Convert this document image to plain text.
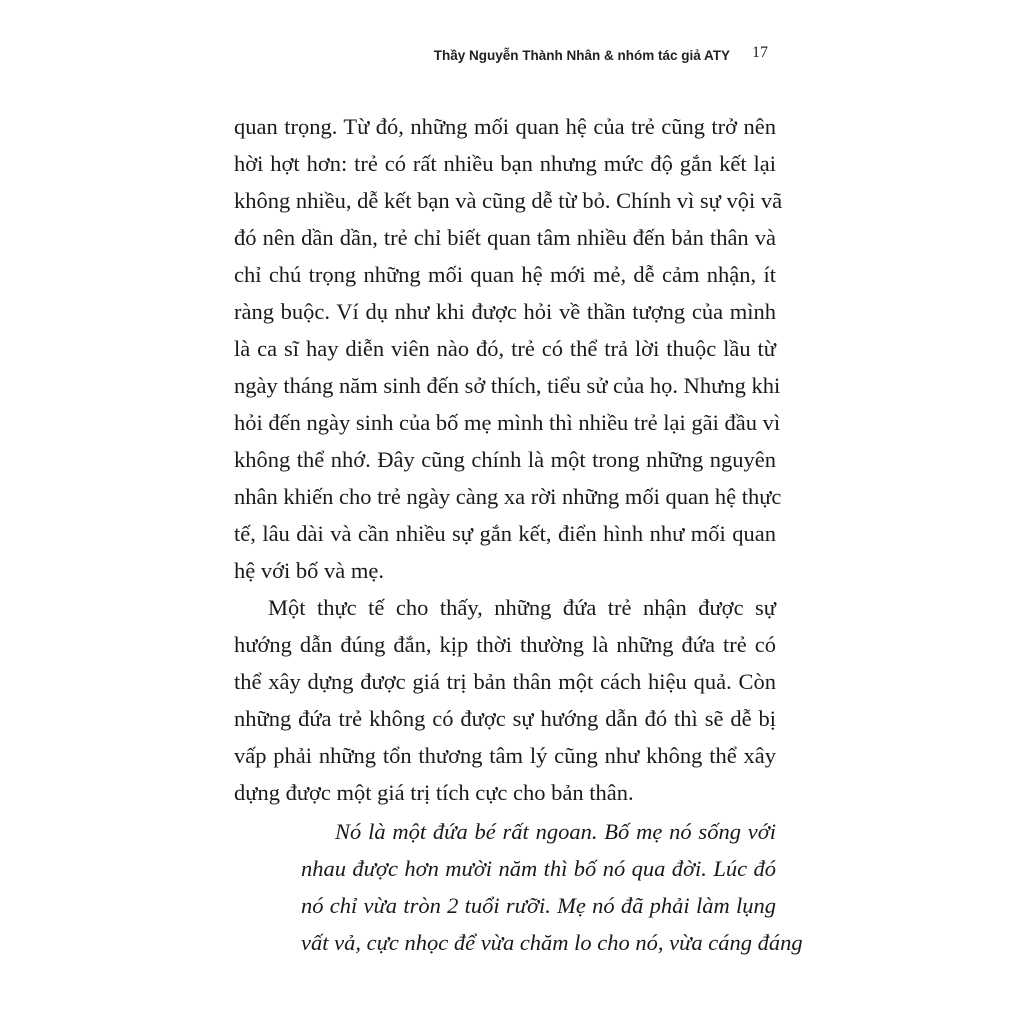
Thầy Nguyễn Thành Nhân & nhóm tác giả ATY 17
quan trọng. Từ đó, những mối quan hệ của trẻ cũng trở nên
hời hợt hơn: trẻ có rất nhiều bạn nhưng mức độ gắn kết lại
không nhiều, dễ kết bạn và cũng dễ từ bỏ. Chính vì sự vội vã
đó nên dần dần, trẻ chỉ biết quan tâm nhiều đến bản thân và
chỉ chú trọng những mối quan hệ mới mẻ, dễ cảm nhận, ít
ràng buộc. Ví dụ như khi được hỏi về thần tượng của mình
là ca sĩ hay diễn viên nào đó, trẻ có thể trả lời thuộc lầu từ
ngày tháng năm sinh đến sở thích, tiểu sử của họ. Nhưng khi
hỏi đến ngày sinh của bố mẹ mình thì nhiều trẻ lại gãi đầu vì
không thể nhớ. Đây cũng chính là một trong những nguyên
nhân khiến cho trẻ ngày càng xa rời những mối quan hệ thực
tế, lâu dài và cần nhiều sự gắn kết, điển hình như mối quan
hệ với bố và mẹ.
Một thực tế cho thấy, những đứa trẻ nhận được sự
hướng dẫn đúng đắn, kịp thời thường là những đứa trẻ có
thể xây dựng được giá trị bản thân một cách hiệu quả. Còn
những đứa trẻ không có được sự hướng dẫn đó thì sẽ dễ bị
vấp phải những tổn thương tâm lý cũng như không thể xây
dựng được một giá trị tích cực cho bản thân.
Nó là một đứa bé rất ngoan. Bố mẹ nó sống với
nhau được hơn mười năm thì bố nó qua đời. Lúc đó
nó chỉ vừa tròn 2 tuổi rưỡi. Mẹ nó đã phải làm lụng
vất vả, cực nhọc để vừa chăm lo cho nó, vừa cáng đáng
